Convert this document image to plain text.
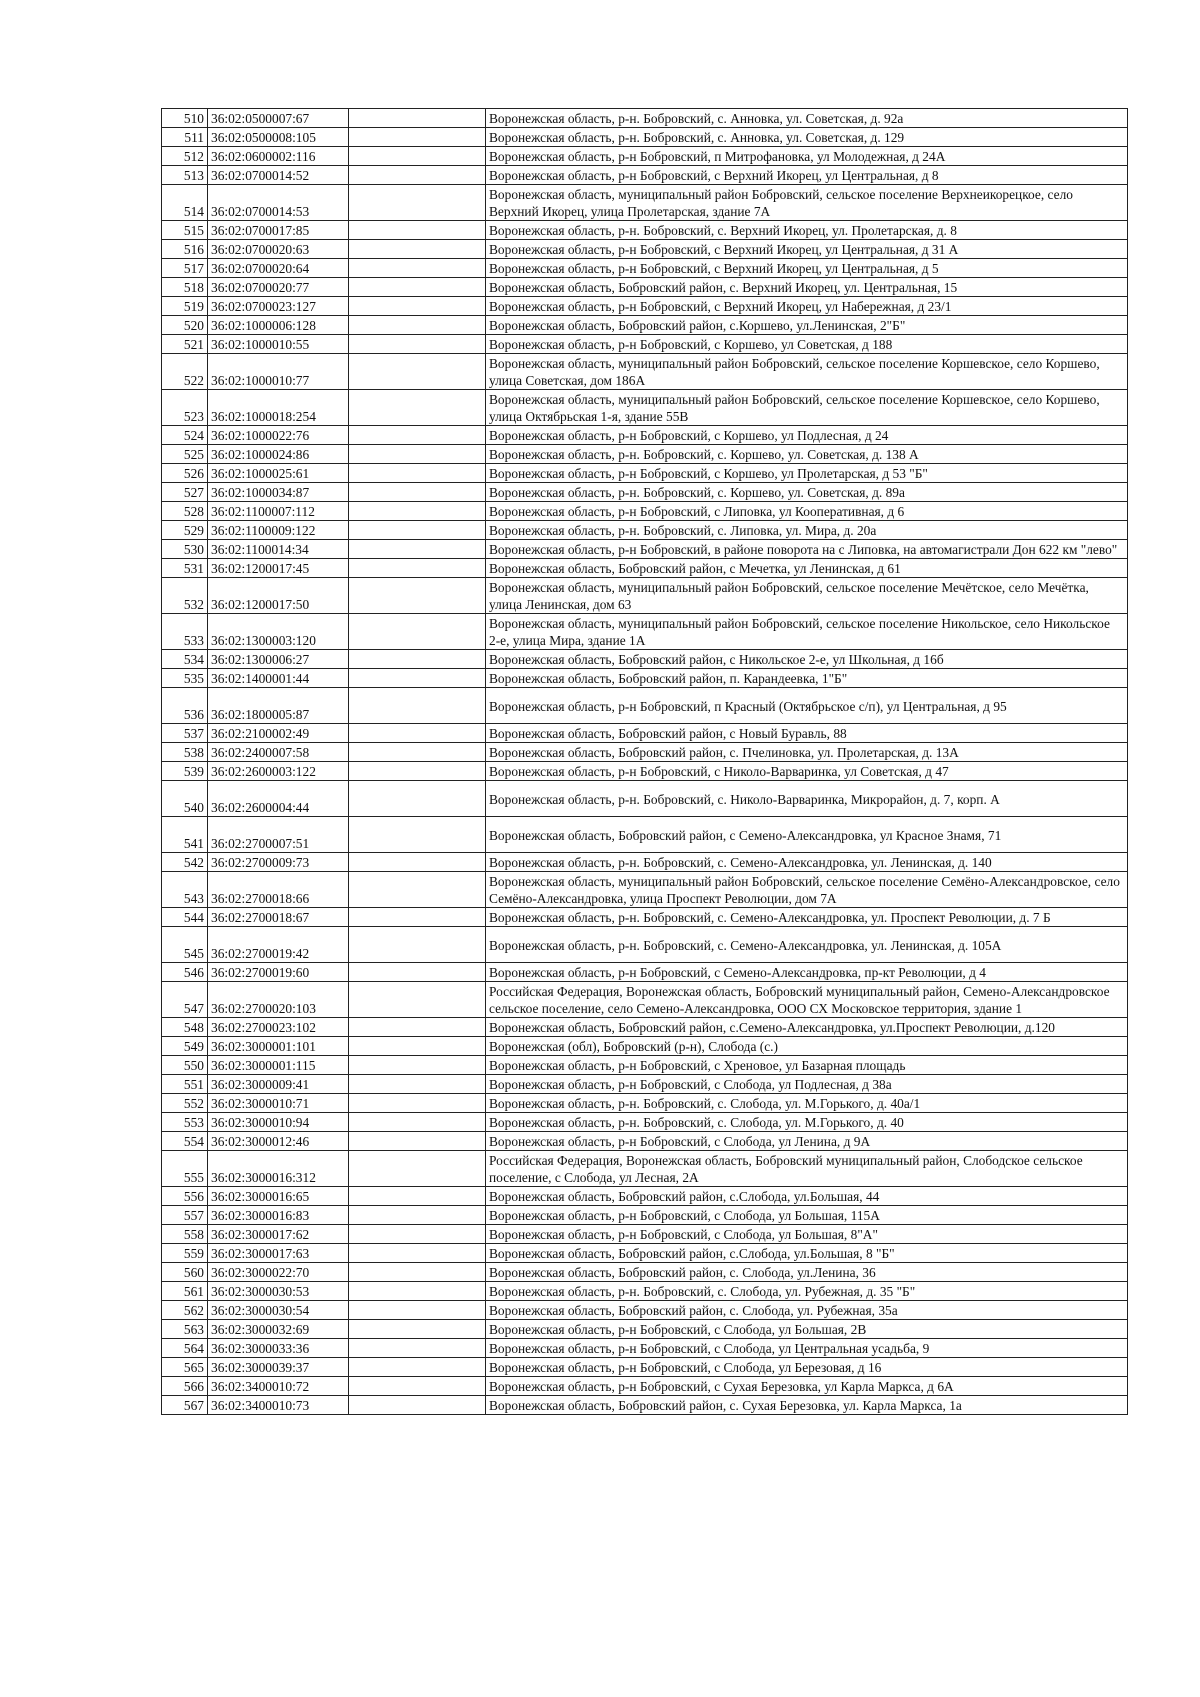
510	36:02:0500007:67		Воронежская область, р-н. Бобровский, с. Анновка, ул. Советская, д. 92а
511	36:02:0500008:105		Воронежская область, р-н. Бобровский, с. Анновка, ул. Советская, д. 129
512	36:02:0600002:116		Воронежская область, р-н Бобровский, п Митрофановка, ул Молодежная, д 24А
513	36:02:0700014:52		Воронежская область, р-н Бобровский, с Верхний Икорец, ул Центральная, д 8
514	36:02:0700014:53		Воронежская область, муниципальный район Бобровский, сельское поселение Верхнеикорецкое, село Верхний Икорец, улица Пролетарская, здание 7А
515	36:02:0700017:85		Воронежская область, р-н. Бобровский, с. Верхний Икорец, ул. Пролетарская, д. 8
516	36:02:0700020:63		Воронежская область, р-н Бобровский, с Верхний Икорец, ул Центральная, д 31 А
517	36:02:0700020:64		Воронежская область, р-н Бобровский, с Верхний Икорец, ул Центральная, д 5
518	36:02:0700020:77		Воронежская область, Бобровский район, с. Верхний Икорец, ул. Центральная, 15
519	36:02:0700023:127		Воронежская область, р-н Бобровский, с Верхний Икорец, ул Набережная, д 23/1
520	36:02:1000006:128		Воронежская область, Бобровский район, с.Коршево, ул.Ленинская, 2"Б"
521	36:02:1000010:55		Воронежская область, р-н Бобровский, с Коршево, ул Советская, д 188
522	36:02:1000010:77		Воронежская область, муниципальный район Бобровский, сельское поселение Коршевское, село Коршево, улица Советская, дом 186А
523	36:02:1000018:254		Воронежская область, муниципальный район Бобровский, сельское поселение Коршевское, село Коршево, улица Октябрьская 1-я, здание 55В
524	36:02:1000022:76		Воронежская область, р-н Бобровский, с Коршево, ул Подлесная, д 24
525	36:02:1000024:86		Воронежская область, р-н. Бобровский, с. Коршево, ул. Советская, д. 138 А
526	36:02:1000025:61		Воронежская область, р-н Бобровский, с Коршево, ул Пролетарская, д 53 "Б"
527	36:02:1000034:87		Воронежская область, р-н. Бобровский, с. Коршево, ул. Советская, д. 89а
528	36:02:1100007:112		Воронежская область, р-н Бобровский, с Липовка, ул Кооперативная, д 6
529	36:02:1100009:122		Воронежская область, р-н. Бобровский, с. Липовка, ул. Мира, д. 20а
530	36:02:1100014:34		Воронежская область, р-н Бобровский, в районе поворота на с Липовка, на автомагистрали Дон 622 км "лево"
531	36:02:1200017:45		Воронежская область, Бобровский район, с Мечетка, ул Ленинская, д 61
532	36:02:1200017:50		Воронежская область, муниципальный район Бобровский, сельское поселение Мечётское, село Мечётка, улица Ленинская, дом 63
533	36:02:1300003:120		Воронежская область, муниципальный район Бобровский, сельское поселение Никольское, село Никольское 2-е, улица Мира, здание 1А
534	36:02:1300006:27		Воронежская область, Бобровский район, с Никольское 2-е, ул Школьная, д 16б
535	36:02:1400001:44		Воронежская область, Бобровский район, п. Карандеевка, 1"Б"
536	36:02:1800005:87		Воронежская область, р-н Бобровский, п Красный (Октябрьское с/п), ул Центральная, д 95
537	36:02:2100002:49		Воронежская область, Бобровский район, с Новый Буравль, 88
538	36:02:2400007:58		Воронежская область, Бобровский район, с. Пчелиновка, ул. Пролетарская, д. 13А
539	36:02:2600003:122		Воронежская область, р-н Бобровский, с Николо-Варваринка, ул Советская, д 47
540	36:02:2600004:44		Воронежская область, р-н. Бобровский, с. Николо-Варваринка, Микрорайон, д. 7, корп. А
541	36:02:2700007:51		Воронежская область, Бобровский район, с Семено-Александровка, ул Красное Знамя, 71
542	36:02:2700009:73		Воронежская область, р-н. Бобровский, с. Семено-Александровка, ул. Ленинская, д. 140
543	36:02:2700018:66		Воронежская область, муниципальный район Бобровский, сельское поселение Семёно-Александровское, село Семёно-Александровка, улица Проспект Революции, дом 7А
544	36:02:2700018:67		Воронежская область, р-н. Бобровский, с. Семено-Александровка, ул. Проспект Революции, д. 7 Б
545	36:02:2700019:42		Воронежская область, р-н. Бобровский, с. Семено-Александровка, ул. Ленинская, д. 105А
546	36:02:2700019:60		Воронежская область, р-н Бобровский, с Семено-Александровка, пр-кт Революции, д 4
547	36:02:2700020:103		Российская Федерация, Воронежская область, Бобровский муниципальный район, Семено-Александровское сельское поселение, село Семено-Александровка, ООО СХ Московское территория, здание 1
548	36:02:2700023:102		Воронежская область, Бобровский район, с.Семено-Александровка, ул.Проспект Революции, д.120
549	36:02:3000001:101		Воронежская (обл), Бобровский (р-н), Слобода (с.)
550	36:02:3000001:115		Воронежская область, р-н Бобровский, с Хреновое, ул Базарная площадь
551	36:02:3000009:41		Воронежская область, р-н Бобровский, с Слобода, ул Подлесная, д 38а
552	36:02:3000010:71		Воронежская область, р-н. Бобровский, с. Слобода, ул. М.Горького, д. 40а/1
553	36:02:3000010:94		Воронежская область, р-н. Бобровский, с. Слобода, ул. М.Горького, д. 40
554	36:02:3000012:46		Воронежская область, р-н Бобровский, с Слобода, ул Ленина, д 9А
555	36:02:3000016:312		Российская Федерация, Воронежская область, Бобровский муниципальный район, Слободское сельское поселение, с Слобода, ул Лесная, 2А
556	36:02:3000016:65		Воронежская область, Бобровский район, с.Слобода, ул.Большая, 44
557	36:02:3000016:83		Воронежская область, р-н Бобровский, с Слобода, ул Большая, 115А
558	36:02:3000017:62		Воронежская область, р-н Бобровский, с Слобода, ул Большая, 8"А"
559	36:02:3000017:63		Воронежская область, Бобровский район, с.Слобода, ул.Большая, 8 "Б"
560	36:02:3000022:70		Воронежская область, Бобровский район, с. Слобода, ул.Ленина, 36
561	36:02:3000030:53		Воронежская область, р-н. Бобровский, с. Слобода, ул. Рубежная, д. 35 "Б"
562	36:02:3000030:54		Воронежская область, Бобровский район, с. Слобода, ул. Рубежная, 35а
563	36:02:3000032:69		Воронежская область, р-н Бобровский, с Слобода, ул Большая, 2В
564	36:02:3000033:36		Воронежская область, р-н Бобровский, с Слобода, ул Центральная усадьба, 9
565	36:02:3000039:37		Воронежская область, р-н Бобровский, с Слобода, ул Березовая, д 16
566	36:02:3400010:72		Воронежская область, р-н Бобровский, с Сухая Березовка, ул Карла Маркса, д 6А
567	36:02:3400010:73		Воронежская область, Бобровский район, с. Сухая Березовка, ул. Карла Маркса, 1а
